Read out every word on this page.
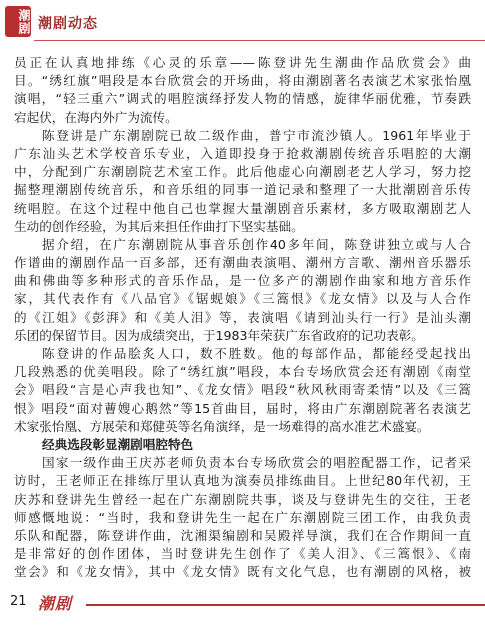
潮剧 潮剧动态
员正在认真地排练《心灵的乐章——陈登讲先生潮曲作品欣赏会》曲
目。“绣红旗”唱段是本台欣赏会的开场曲，将由潮剧著名表演艺术家张怡凰
演唱，“轻三重六”调式的唱腔演绎抒发人物的情感，旋律华丽优雅，节奏跌
宕起伏，在海内外广为流传。
陈登讲是广东潮剧院已故二级作曲，普宁市流沙镇人。1961年毕业于
广东汕头艺术学校音乐专业，入道即投身于抢救潮剧传统音乐唱腔的大潮
中，分配到广东潮剧院艺术室工作。此后他虚心向潮剧老艺人学习，努力挖
掘整理潮剧传统音乐，和音乐组的同事一道记录和整理了一大批潮剧音乐传
统唱腔。在这个过程中他自己也掌握大量潮剧音乐素材，多方吸取潮剧艺人
生动的创作经验，为其后来担任作曲打下坚实基础。
据介绍，在广东潮剧院从事音乐创作40多年间，陈登讲独立或与人合
作谱曲的潮剧作品一百多部，还有潮曲表演唱、潮州方言歌、潮州音乐器乐
曲和佛曲等多种形式的音乐作品，是一位多产的潮剧作曲家和地方音乐作
家，其代表作有《八品官》《锯蚬娘》《三篙恨》《龙女情》以及与人合作
的《江姐》《彭湃》和《美人泪》等，表演唱《请到汕头行一行》是汕头潮
乐团的保留节目。因为成绩突出，于1983年荣获广东省政府的记功表彰。
陈登讲的作品脍炙人口，数不胜数。他的每部作品，都能经受起找出
几段熟悉的优美唱段。除了“绣红旗”唱段，本台专场欣赏会还有潮剧《南堂
会》唱段“言是心声我也知”、《龙女情》唱段“秋风秋雨寄柔情”以及《三篙
恨》唱段“面对蓸嫂心鹅然”等15首曲目，届时，将由广东潮剧院著名表演艺
术家张怡凰、方展荣和郑健英等名角演绎，是一场难得的高水准艺术盛宴。
经典选段彰显潮剧唱腔特色
国家一级作曲王庆苏老师负责本台专场欣赏会的唱腔配器工作，记者采
访时，王老师正在排练厅里认真地为演奏员排练曲目。上世纪80年代初，王
庆苏和登讲先生曾经一起在广东潮剧院共事，谈及与登讲先生的交往，王老
师感慨地说：“当时，我和登讲先生一起在广东潮剧院三团工作，由我负责
乐队和配器，陈登讲作曲，沈湘渠编剧和吴殿祥导演，我们在合作期间一直
是非常好的创作团体，当时登讲先生创作了《美人泪》、《三篙恨》、《南
堂会》和《龙女情》，其中《龙女情》既有文化气息，也有潮剧的风格，被
21 潮剧
